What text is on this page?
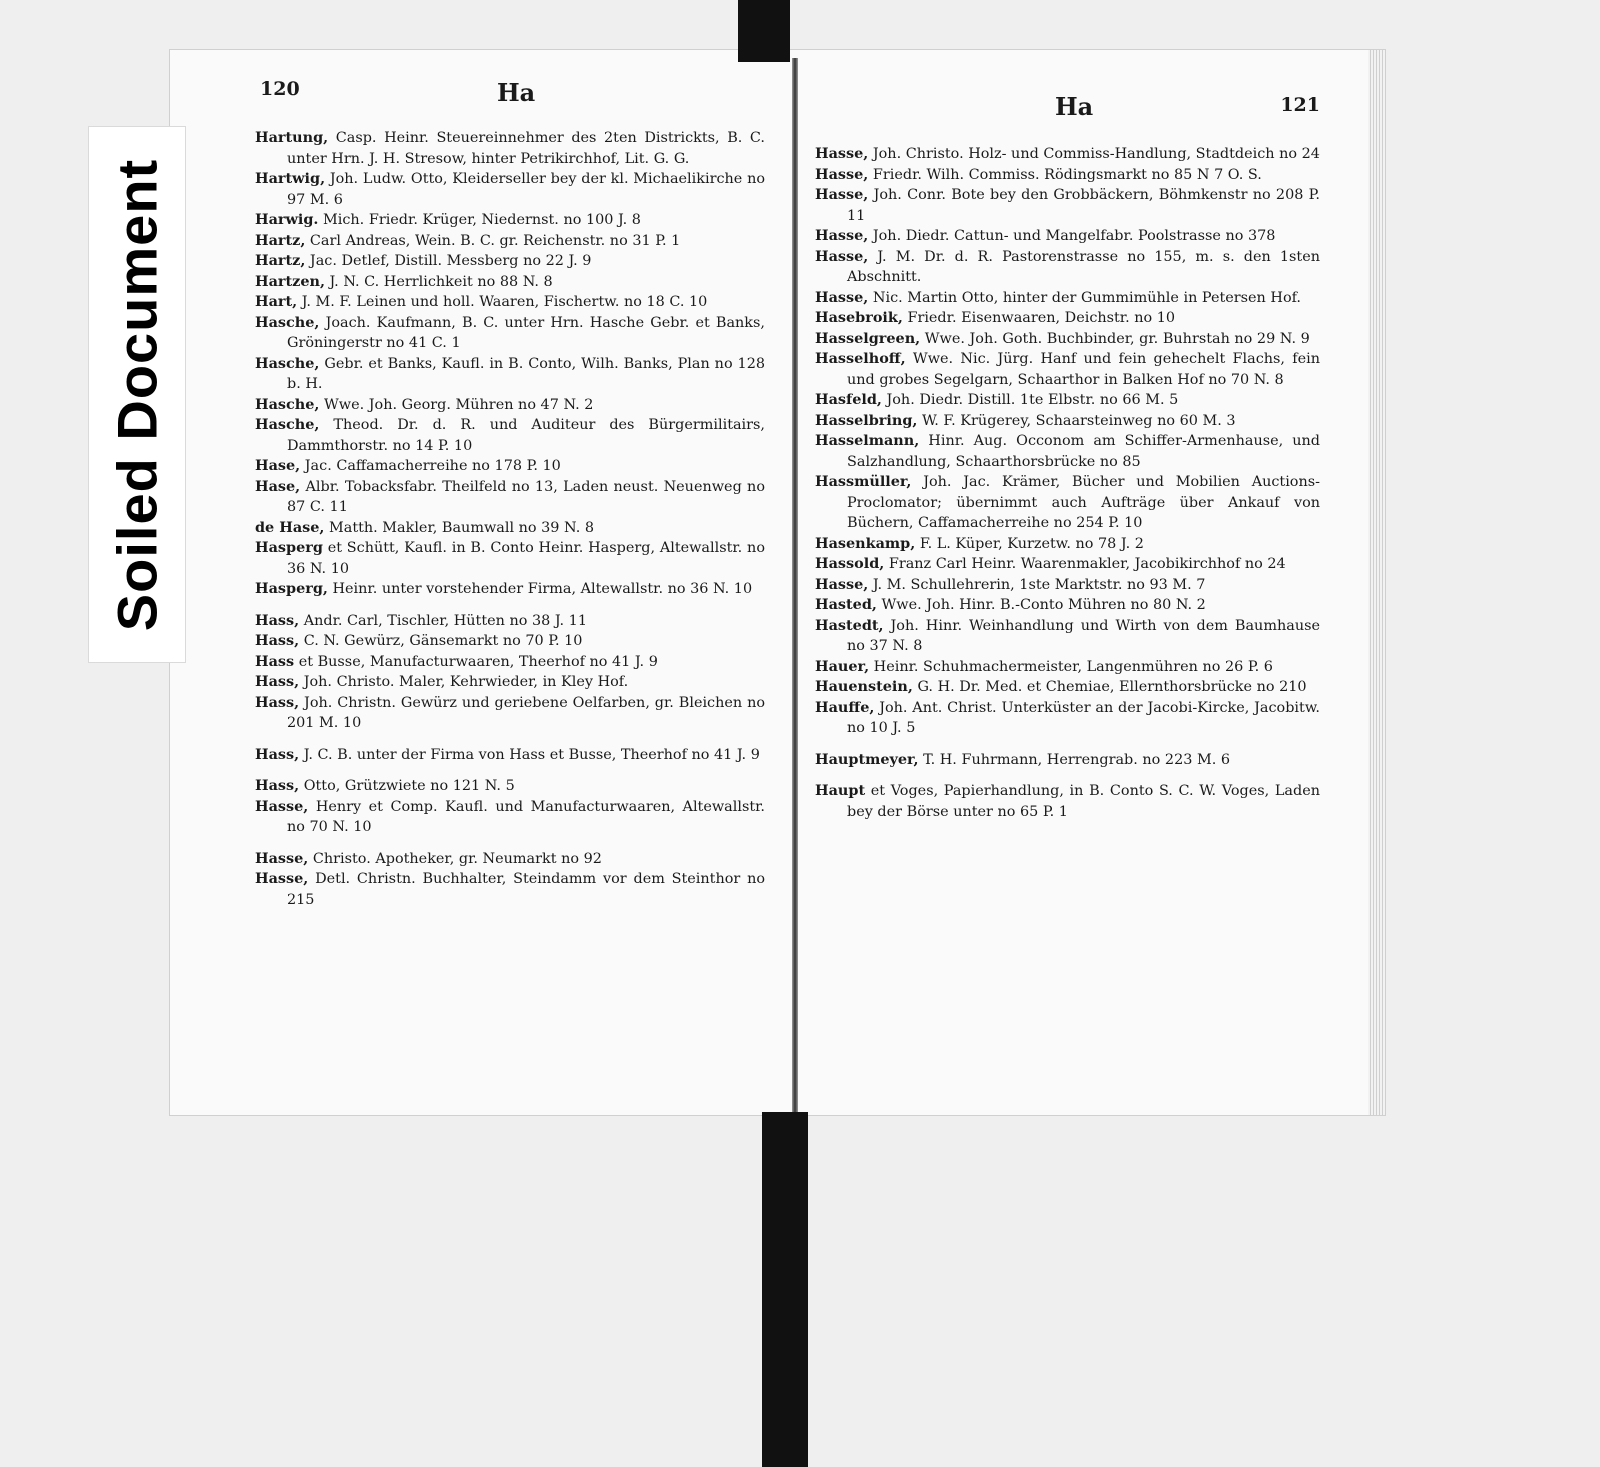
Soiled Document
120	Ha
Hartung, Casp. Heinr. Steuereinnehmer des 2ten Districkts, B. C. unter Hrn. J. H. Stresow, hinter Petrikirchhof, Lit. G. G.
Hartwig, Joh. Ludw. Otto, Kleiderseller bey der kl. Michaelikirche no 97 M. 6
Harwig. Mich. Friedr. Krüger, Niedernst. no 100 J. 8
Hartz, Carl Andreas, Wein. B. C. gr. Reichenstr. no 31 P. 1
Hartz, Jac. Detlef, Distill. Messberg no 22 J. 9
Hartzen, J. N. C. Herrlichkeit no 88 N. 8
Hart, J. M. F. Leinen und holl. Waaren, Fischertw. no 18 C. 10
Hasche, Joach. Kaufmann, B. C. unter Hrn. Hasche Gebr. et Banks, Gröningerstr no 41 C. 1
Hasche, Gebr. et Banks, Kaufl. in B. Conto, Wilh. Banks, Plan no 128 b. H.
Hasche, Wwe. Joh. Georg. Mühren no 47 N. 2
Hasche, Theod. Dr. d. R. und Auditeur des Bürgermilitairs, Dammthorstr. no 14 P. 10
Hase, Jac. Caffamacherreihe no 178 P. 10
Hase, Albr. Tobacksfabr. Theilfeld no 13, Laden neust. Neuenweg no 87 C. 11
de Hase, Matth. Makler, Baumwall no 39 N. 8
Hasperg et Schütt, Kaufl. in B. Conto Heinr. Hasperg, Altewallstr. no 36 N. 10
Hasperg, Heinr. unter vorstehender Firma, Altewallstr. no 36 N. 10
Hass, Andr. Carl, Tischler, Hütten no 38 J. 11
Hass, C. N. Gewürz, Gänsemarkt no 70 P. 10
Hass et Busse, Manufacturwaaren, Theerhof no 41 J. 9
Hass, Joh. Christo. Maler, Kehrwieder, in Kley Hof.
Hass, Joh. Christn. Gewürz und geriebene Oelfarben, gr. Bleichen no 201 M. 10
Hass, J. C. B. unter der Firma von Hass et Busse, Theerhof no 41 J. 9
Hass, Otto, Grützwiete no 121 N. 5
Hasse, Henry et Comp. Kaufl. und Manufacturwaaren, Altewallstr. no 70 N. 10
Hasse, Christo. Apotheker, gr. Neumarkt no 92
Hasse, Detl. Christn. Buchhalter, Steindamm vor dem Steinthor no 215
Ha	121
Hasse, Joh. Christo. Holz- und Commiss-Handlung, Stadtdeich no 24
Hasse, Friedr. Wilh. Commiss. Rödingsmarkt no 85 N 7 O. S.
Hasse, Joh. Conr. Bote bey den Grobbäckern, Böhmkenstr no 208 P. 11
Hasse, Joh. Diedr. Cattun- und Mangelfabr. Poolstrasse no 378
Hasse, J. M. Dr. d. R. Pastorenstrasse no 155, m. s. den 1sten Abschnitt.
Hasse, Nic. Martin Otto, hinter der Gummimühle in Petersen Hof.
Hasebroik, Friedr. Eisenwaaren, Deichstr. no 10
Hasselgreen, Wwe. Joh. Goth. Buchbinder, gr. Buhrstah no 29 N. 9
Hasselhoff, Wwe. Nic. Jürg. Hanf und fein gehechelt Flachs, fein und grobes Segelgarn, Schaarthor in Balken Hof no 70 N. 8
Hasfeld, Joh. Diedr. Distill. 1te Elbstr. no 66 M. 5
Hasselbring, W. F. Krügerey, Schaarsteinweg no 60 M. 3
Hasselmann, Hinr. Aug. Occonom am Schiffer-Armenhause, und Salzhandlung, Schaarthorsbrücke no 85
Hassmüller, Joh. Jac. Krämer, Bücher und Mobilien Auctions-Proclomator; übernimmt auch Aufträge über Ankauf von Büchern, Caffamacherreihe no 254 P. 10
Hasenkamp, F. L. Küper, Kurzetw. no 78 J. 2
Hassold, Franz Carl Heinr. Waarenmakler, Jacobikirchhof no 24
Hasse, J. M. Schullehrerin, 1ste Marktstr. no 93 M. 7
Hasted, Wwe. Joh. Hinr. B.-Conto Mühren no 80 N. 2
Hastedt, Joh. Hinr. Weinhandlung und Wirth von dem Baumhause no 37 N. 8
Hauer, Heinr. Schuhmachermeister, Langenmühren no 26 P. 6
Hauenstein, G. H. Dr. Med. et Chemiae, Ellernthorsbrücke no 210
Hauffe, Joh. Ant. Christ. Unterküster an der Jacobi-Kircke, Jacobitw. no 10 J. 5
Hauptmeyer, T. H. Fuhrmann, Herrengrab. no 223 M. 6
Haupt et Voges, Papierhandlung, in B. Conto S. C. W. Voges, Laden bey der Börse unter no 65 P. 1
